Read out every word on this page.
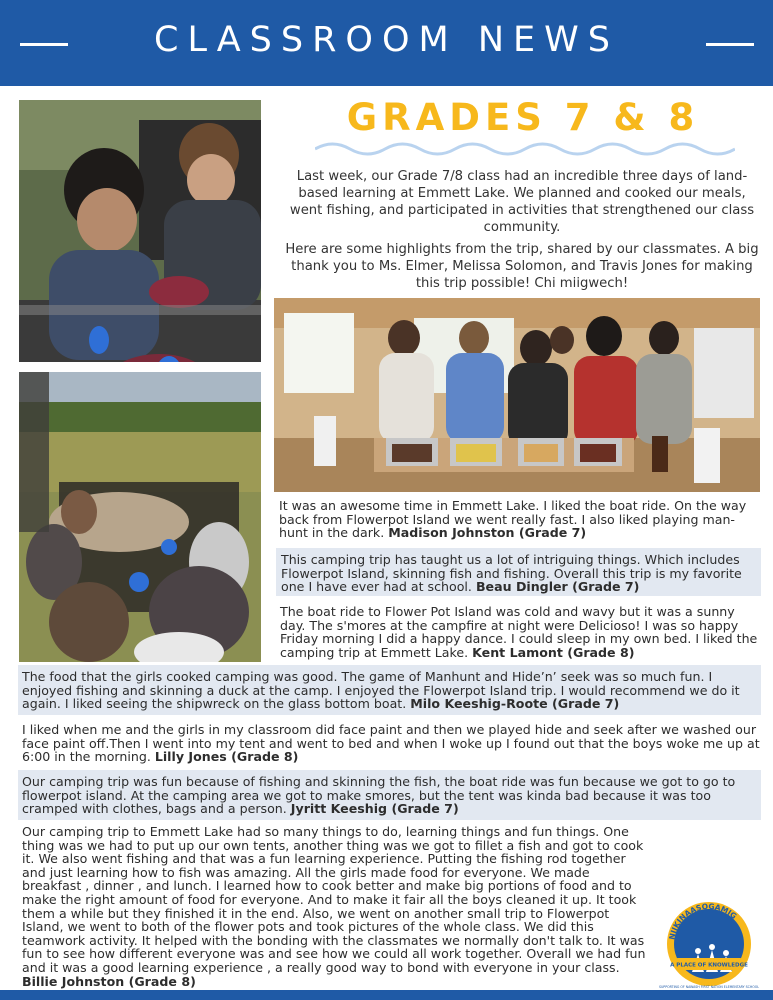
CLASSROOM NEWS
GRADES 7 & 8

Last week, our Grade 7/8 class had an incredible three days of land-based learning at Emmett Lake. We planned and cooked our meals, went fishing, and participated in activities that strengthened our class community.

Here are some highlights from the trip, shared by our classmates. A big thank you to Ms. Elmer, Melissa Solomon, and Travis Jones for making this trip possible! Chi miigwech!

It was an awesome time in Emmett Lake. I liked the boat ride. On the way back from Flowerpot Island we went really fast. I also liked playing man-hunt in the dark. Madison Johnston (Grade 7)
This camping trip has taught us a lot of intriguing things. Which includes Flowerpot Island, skinning fish and fishing. Overall this trip is my favorite one I have ever had at school. Beau Dingler (Grade 7)
The boat ride to Flower Pot Island was cold and wavy but it was a sunny day. The s'mores at the campfire at night were Delicioso! I was so happy Friday morning I did a happy dance. I could sleep in my own bed. I liked the camping trip at Emmett Lake. Kent Lamont (Grade 8)
The food that the girls cooked camping was good. The game of Manhunt and Hide’n’ seek was so much fun. I enjoyed fishing and skinning a duck at the camp. I enjoyed the Flowerpot Island trip. I would recommend we do it again. I liked seeing the shipwreck on the glass bottom boat. Milo Keeshig-Roote (Grade 7)
I liked when me and the girls in my classroom did face paint and then we played hide and seek after we washed our face paint off.Then I went into my tent and went to bed and when I woke up I found out that the boys woke me up at 6:00 in the morning. Lilly Jones (Grade 8)
Our camping trip was fun because of fishing and skinning the fish, the boat ride was fun because we got to go to flowerpot island. At the camping area we got to make smores, but the tent was kinda bad because it was too cramped with clothes, bags and a person. Jyritt Keeshig (Grade 7)
Our camping trip to Emmett Lake had so many things to do, learning things and fun things. One thing was we had to put up our own tents, another thing was we got to fillet a fish and got to cook it. We also went fishing and that was a fun learning experience. Putting the fishing rod together and just learning how to fish was amazing. All the girls made food for everyone. We made breakfast , dinner , and lunch. I learned how to cook better and make big portions of food and to make the right amount of food for everyone. And to make it fair all the boys cleaned it up. It took them a while but they finished it in the end. Also, we went on another small trip to Flowerpot Island, we went to both of the flower pots and took pictures of the whole class. We did this teamwork activity. It helped with the bonding with the classmates we normally don't talk to. It was fun to see how different everyone was and see how we could all work together. Overall we had fun and it was a good learning experience , a really good way to bond with everyone in your class. Billie Johnston (Grade 8)
NIIKINAASOGAMIG
A PLACE OF KNOWLEDGE
SUPPORTING OF NAWASH FIRST NATION ELEMENTARY SCHOOL
